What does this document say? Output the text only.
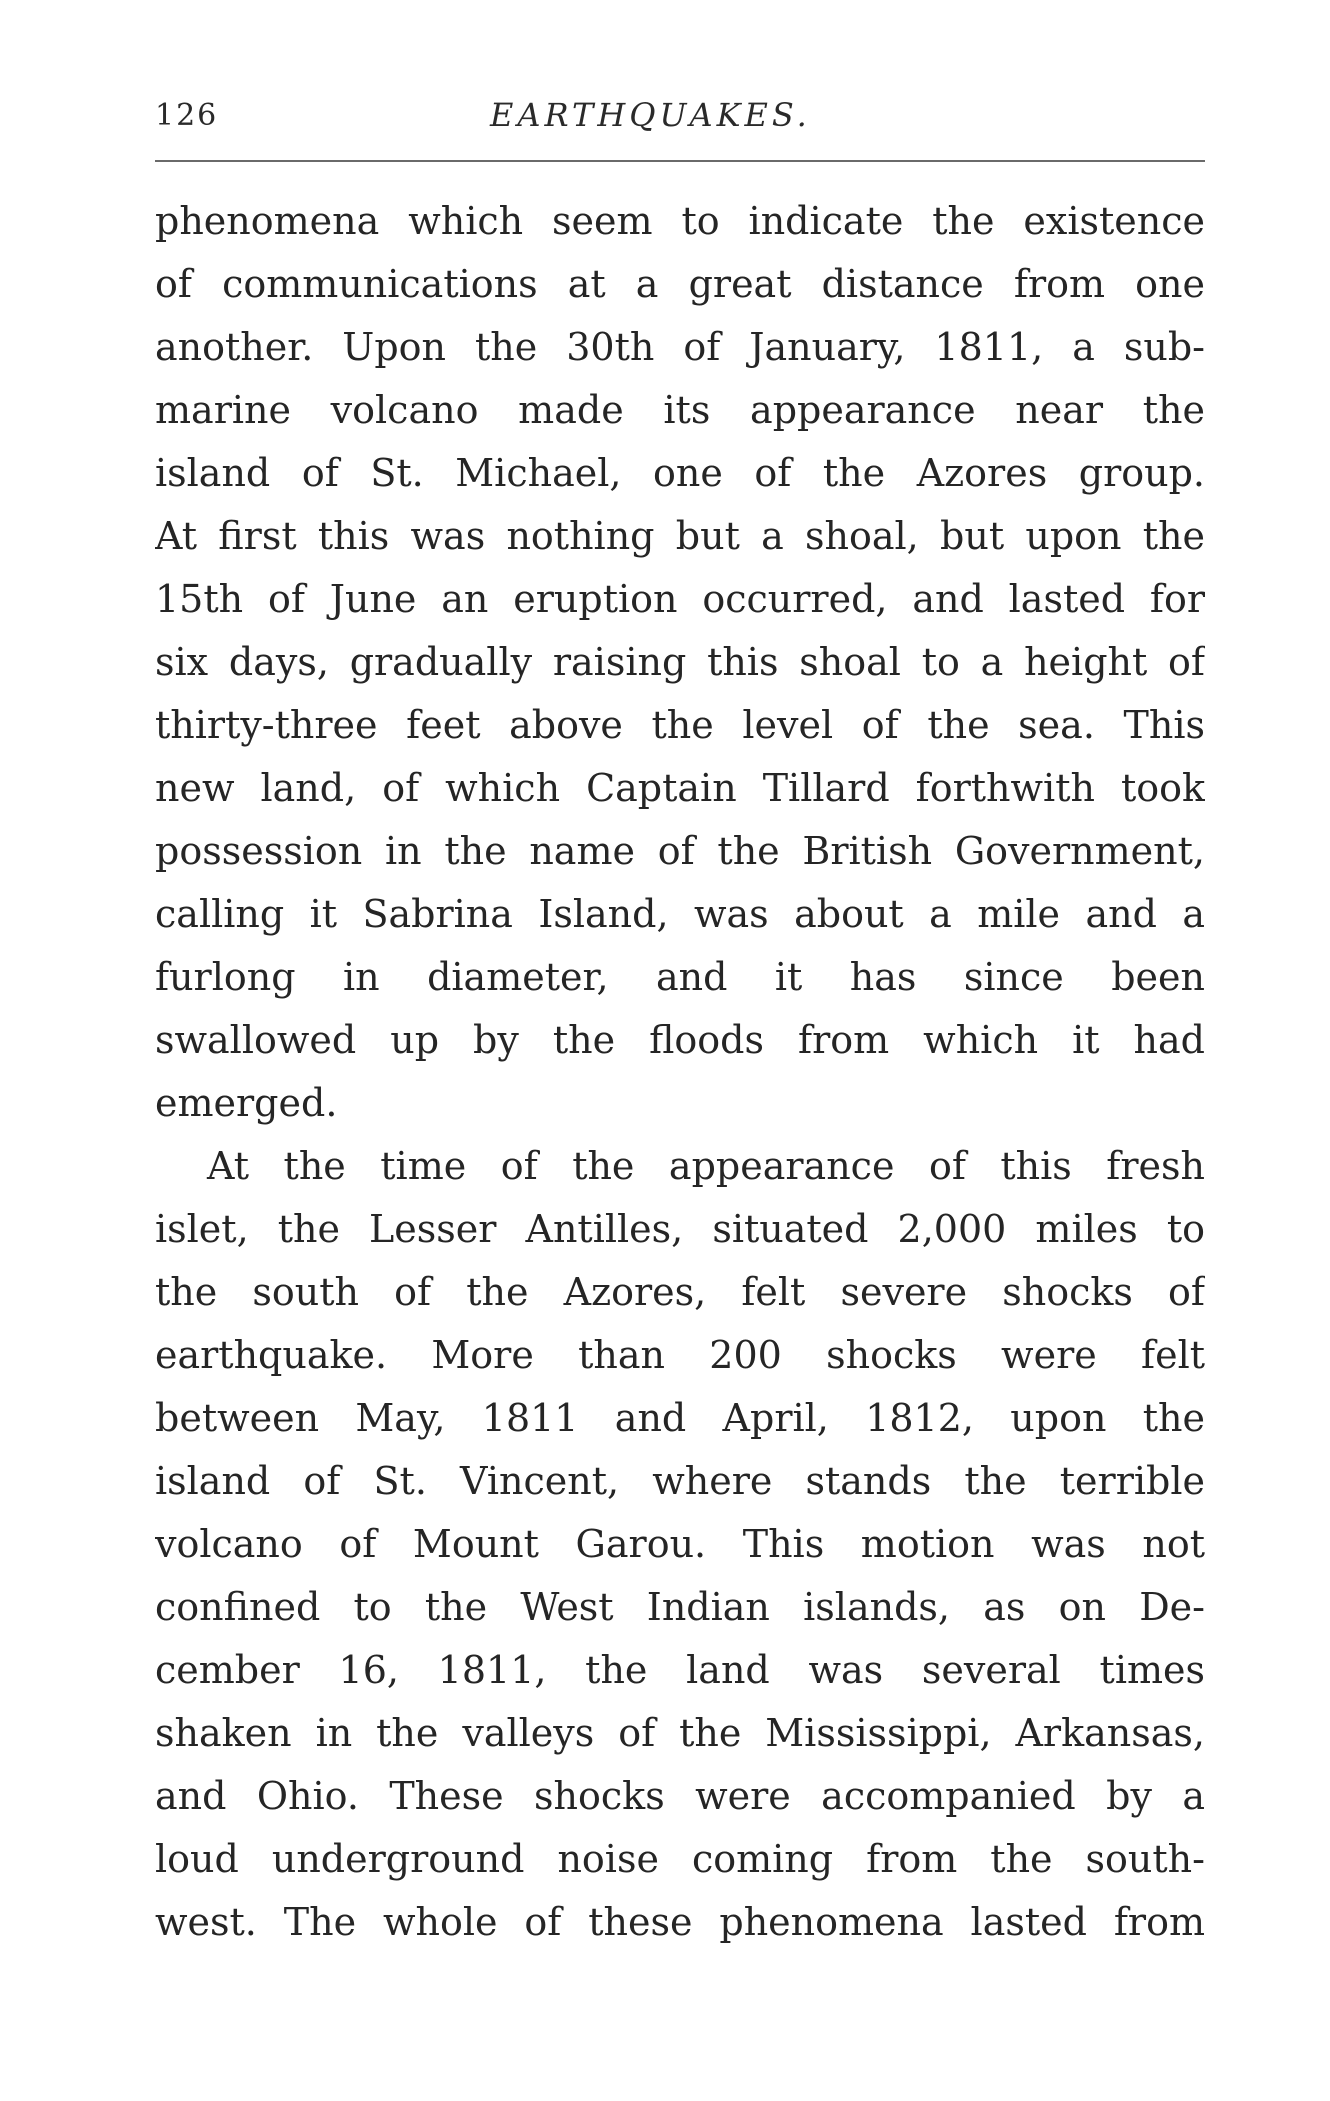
126	EARTHQUAKES.
phenomena which seem to indicate the existence
of communications at a great distance from one
another. Upon the 30th of January, 1811, a sub-
marine volcano made its appearance near the
island of St. Michael, one of the Azores group.
At first this was nothing but a shoal, but upon the
15th of June an eruption occurred, and lasted for
six days, gradually raising this shoal to a height of
thirty-three feet above the level of the sea. This
new land, of which Captain Tillard forthwith took
possession in the name of the British Government,
calling it Sabrina Island, was about a mile and a
furlong in diameter, and it has since been
swallowed up by the floods from which it had
emerged.
At the time of the appearance of this fresh
islet, the Lesser Antilles, situated 2,000 miles to
the south of the Azores, felt severe shocks of
earthquake. More than 200 shocks were felt
between May, 1811 and April, 1812, upon the
island of St. Vincent, where stands the terrible
volcano of Mount Garou. This motion was not
confined to the West Indian islands, as on De-
cember 16, 1811, the land was several times
shaken in the valleys of the Mississippi, Arkansas,
and Ohio. These shocks were accompanied by a
loud underground noise coming from the south-
west. The whole of these phenomena lasted from
